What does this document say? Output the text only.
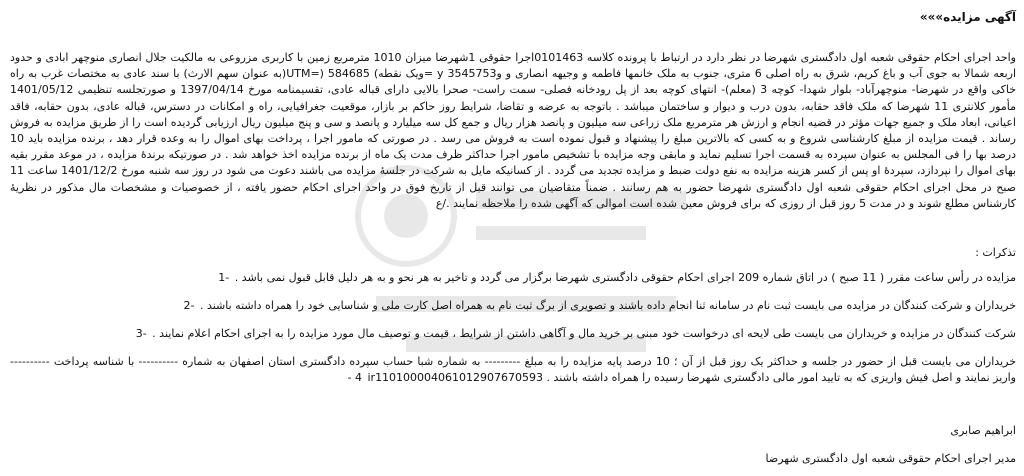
آگهی مزایده»»»
واحد اجرای احکام حقوقی شعبه اول دادگستری شهرضا در نظر دارد در ارتباط با پرونده کلاسه 0101463اجرا حقوقی 1شهرضا میزان 1010 مترمربع زمین با کاربری مزروعی به مالکیت جلال انصاری منوچهر ابادی و حدود اربعه شمالا به جوی آب و باغ کریم، شرق به راه اصلی 6 متری، جنوب به ملک خانمها فاطمه و وجیهه انصاری و وy 3545753 =ویک نقطه) 584685 (=UTM(به عنوان سهم الارث) با سند عادی به مختصات غرب به راه خاکی واقع در شهرضا- منوچهرآباد- بلوار شهدا- کوچه 3 (معلم)- انتهای کوچه بعد از پل رودخانه فصلی- سمت راست- صحرا بالایی دارای قباله عادی، تقسیمنامه مورخ 1397/04/14 و صورتجلسه تنظیمی 1401/05/12 مأمور کلانتری 11 شهرضا که ملک فاقد حقابه، بدون درب و دیوار و ساختمان میباشد . باتوجه به عرضه و تقاضا، شرایط روز حاکم بر بازار، موقعیت جغرافیایی، راه و امکانات در دسترس، قباله عادی، بدون حقابه، فاقد اعیانی، ابعاد ملک و جمیع جهات مؤثر در قضیه انجام و ارزش هر مترمربع ملک زراعی سه میلیون و پانصد هزار ریال و جمع کل سه میلیارد و پانصد و سی و پنج میلیون ریال ارزیابی گردیده است را از طریق مزایده به فروش رساند . قیمت مزایده از مبلغ کارشناسی شروع و به کسی که بالاترین مبلغ را پیشنهاد و قبول نموده است به فروش می رسد . در صورتی که مامور اجرا ، پرداخت بهای اموال را به وعده قرار دهد ، برنده مزایده باید 10 درصد بها را فی المجلس به عنوان سپرده به قسمت اجرا تسلیم نماید و مابقی وجه مزایده با تشخیص مامور اجرا حداکثر ظرف مدت یک ماه از برنده مزایده اخذ خواهد شد . در صورتیکه برندهٔ مزایده ، در موعد مقرر بقیه بهای اموال را نپردازد، سپردهٔ او پس از کسر هزینه مزایده به نفع دولت ضبط و مزایده تجدید می گردد . از کسانیکه مایل به شرکت در جلسهٔ مزایده می باشند دعوت می شود در روز سه شنبه مورخ 1401/12/2 ساعت 11 صبح در محل اجرای احکام حقوقی شعبه اول دادگستری شهرضا حضور به هم رسانند . ضمناً متقاضیان می توانند قبل از تاریخ فوق در واحد اجرای احکام حضور یافته ، از خصوصیات و مشخصات مال مذکور در نظریهٔ کارشناس مطلع شوند و در مدت 5 روز قبل از روزی که برای فروش معین شده است اموالی که آگهی شده را ملاحظه نمایند ./ع
تذکرات :
مزایده در رأس ساعت مقرر ( 11 صبح ) در اتاق شماره 209 اجرای احکام حقوقی دادگستری شهرضا برگزار می گردد و تاخیر به هر نحو و به هر دلیل قابل قبول نمی باشد . -1
خریداران و شرکت کنندگان در مزایده می بایست ثبت نام در سامانه ثنا انجام داده باشند و تصویری از برگ ثبت نام به همراه اصل کارت ملی و شناسایی خود را همراه داشته باشند . -2
شرکت کنندگان در مزایده و خریداران می بایست طی لایحه ای درخواست خود مبنی بر خرید مال و آگاهی داشتن از شرایط ، قیمت و توصیف مال مورد مزایده را به اجرای احکام اعلام نمایند . -3
خریداران می بایست قبل از حضور در جلسه و حداکثر یک روز قبل از آن ؛ 10 درصد پایه مزایده را به مبلغ --------- به شماره شبا حساب سپرده دادگستری استان اصفهان به شماره ---------- با شناسه پرداخت ---------- واریز نمایند و اصل فیش واریزی که به تایید امور مالی دادگستری شهرضا رسیده را همراه داشته باشند . ir110100004061012907670593 4 -
ابراهیم صابری
مدیر اجرای احکام حقوقی شعبه اول دادگستری شهرضا
